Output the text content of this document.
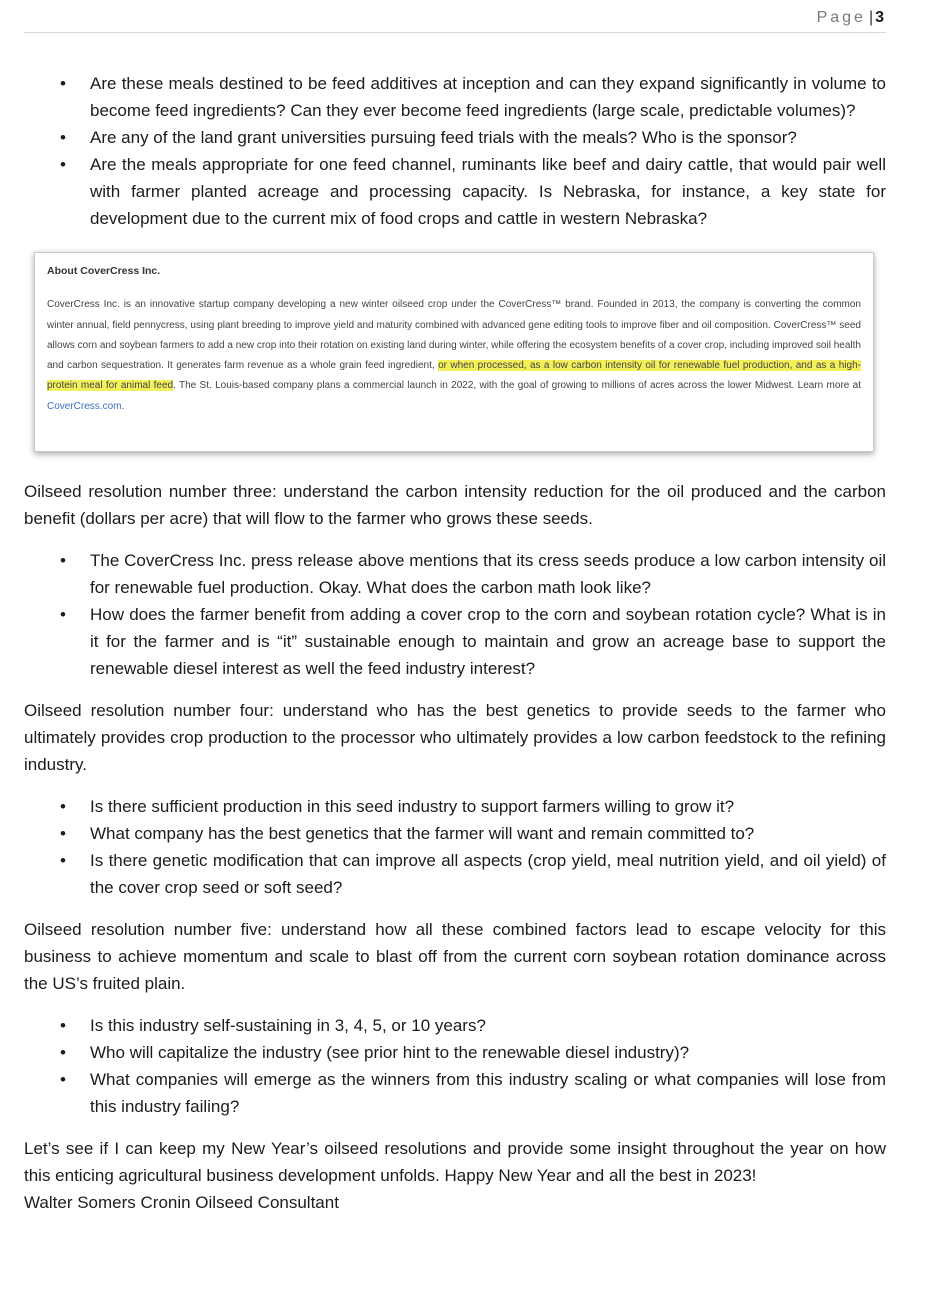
Page | 3
• Are these meals destined to be feed additives at inception and can they expand significantly in volume to become feed ingredients? Can they ever become feed ingredients (large scale, predictable volumes)?
• Are any of the land grant universities pursuing feed trials with the meals? Who is the sponsor?
• Are the meals appropriate for one feed channel, ruminants like beef and dairy cattle, that would pair well with farmer planted acreage and processing capacity. Is Nebraska, for instance, a key state for development due to the current mix of food crops and cattle in western Nebraska?
About CoverCress Inc.
CoverCress Inc. is an innovative startup company developing a new winter oilseed crop under the CoverCress™ brand. Founded in 2013, the company is converting the common winter annual, field pennycress, using plant breeding to improve yield and maturity combined with advanced gene editing tools to improve fiber and oil composition. CoverCress™ seed allows corn and soybean farmers to add a new crop into their rotation on existing land during winter, while offering the ecosystem benefits of a cover crop, including improved soil health and carbon sequestration. It generates farm revenue as a whole grain feed ingredient, or when processed, as a low carbon intensity oil for renewable fuel production, and as a high-protein meal for animal feed. The St. Louis-based company plans a commercial launch in 2022, with the goal of growing to millions of acres across the lower Midwest. Learn more at CoverCress.com.

Oilseed resolution number three: understand the carbon intensity reduction for the oil produced and the carbon benefit (dollars per acre) that will flow to the farmer who grows these seeds.

• The CoverCress Inc. press release above mentions that its cress seeds produce a low carbon intensity oil for renewable fuel production. Okay. What does the carbon math look like?
• How does the farmer benefit from adding a cover crop to the corn and soybean rotation cycle? What is in it for the farmer and is “it” sustainable enough to maintain and grow an acreage base to support the renewable diesel interest as well the feed industry interest?

Oilseed resolution number four: understand who has the best genetics to provide seeds to the farmer who ultimately provides crop production to the processor who ultimately provides a low carbon feedstock to the refining industry.

• Is there sufficient production in this seed industry to support farmers willing to grow it?
• What company has the best genetics that the farmer will want and remain committed to?
• Is there genetic modification that can improve all aspects (crop yield, meal nutrition yield, and oil yield) of the cover crop seed or soft seed?

Oilseed resolution number five: understand how all these combined factors lead to escape velocity for this business to achieve momentum and scale to blast off from the current corn soybean rotation dominance across the US’s fruited plain.

• Is this industry self-sustaining in 3, 4, 5, or 10 years?
• Who will capitalize the industry (see prior hint to the renewable diesel industry)?
• What companies will emerge as the winners from this industry scaling or what companies will lose from this industry failing?

Let’s see if I can keep my New Year’s oilseed resolutions and provide some insight throughout the year on how this enticing agricultural business development unfolds. Happy New Year and all the best in 2023!

Walter Somers Cronin Oilseed Consultant
